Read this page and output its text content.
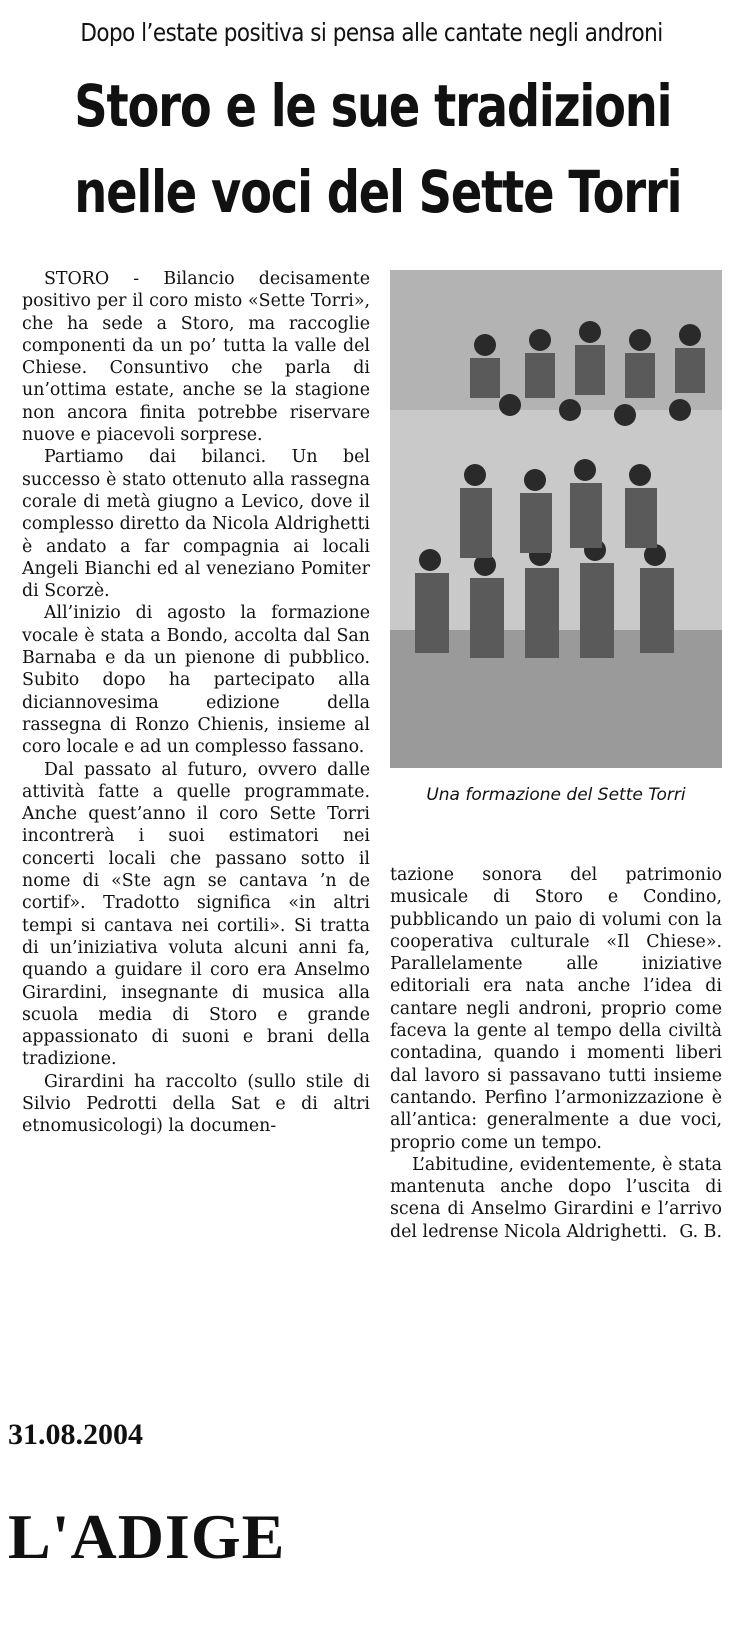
Dopo l’estate positiva si pensa alle cantate negli androni
Storo e le sue tradizioni
nelle voci del Sette Torri

STORO - Bilancio decisamente positivo per il coro misto «Sette Torri», che ha sede a Storo, ma raccoglie componenti da un po’ tutta la valle del Chiese. Consuntivo che parla di un’ottima estate, anche se la stagione non ancora finita potrebbe riservare nuove e piacevoli sorprese.

Partiamo dai bilanci. Un bel successo è stato ottenuto alla rassegna corale di metà giugno a Levico, dove il complesso diretto da Nicola Aldrighetti è andato a far compagnia ai locali Angeli Bianchi ed al veneziano Pomiter di Scorzè.

All’inizio di agosto la formazione vocale è stata a Bondo, accolta dal San Barnaba e da un pienone di pubblico. Subito dopo ha partecipato alla diciannovesima edizione della rassegna di Ronzo Chienis, insieme al coro locale e ad un complesso fassano.

Dal passato al futuro, ovvero dalle attività fatte a quelle programmate. Anche quest’anno il coro Sette Torri incontrerà i suoi estimatori nei concerti locali che passano sotto il nome di «Ste agn se cantava ’n de cortif». Tradotto significa «in altri tempi si cantava nei cortili». Si tratta di un’iniziativa voluta alcuni anni fa, quando a guidare il coro era Anselmo Girardini, insegnante di musica alla scuola media di Storo e grande appassionato di suoni e brani della tradizione.

Girardini ha raccolto (sullo stile di Silvio Pedrotti della Sat e di altri etnomusicologi) la documen-

Una formazione del Sette Torri

tazione sonora del patrimonio musicale di Storo e Condino, pubblicando un paio di volumi con la cooperativa culturale «Il Chiese». Parallelamente alle iniziative editoriali era nata anche l’idea di cantare negli androni, proprio come faceva la gente al tempo della civiltà contadina, quando i momenti liberi dal lavoro si passavano tutti insieme cantando. Perfino l’armonizzazione è all’antica: generalmente a due voci, proprio come un tempo.

L’abitudine, evidentemente, è stata mantenuta anche dopo l’uscita di scena di Anselmo Girardini e l’arrivo del ledrense Nicola Aldrighetti. G. B.
31.08.2004
L'ADIGE
